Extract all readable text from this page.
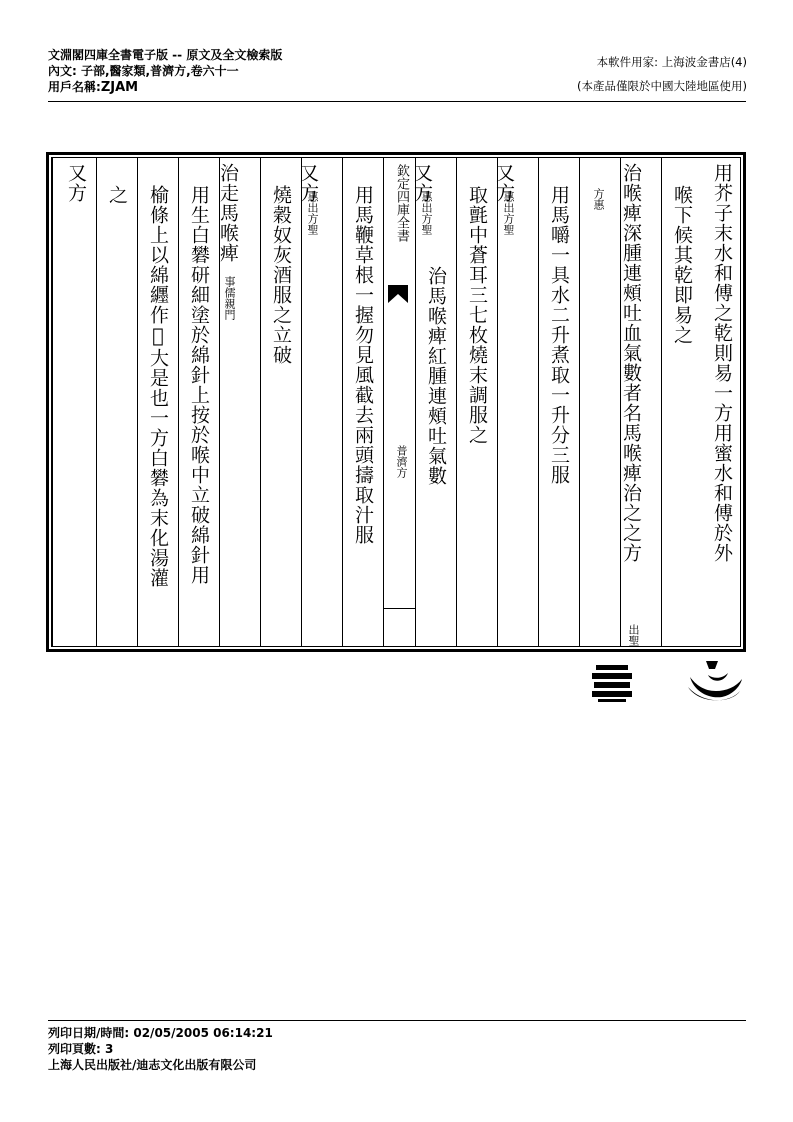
文淵閣四庫全書電子版 -- 原文及全文檢索版
內文: 子部,醫家類,普濟方,卷六十一
用戶名稱:ZJAM
本軟件用家: 上海波金書店(4)
(本產品僅限於中國大陸地區使用)
用芥子末水和傅之乾則易一方用蜜水和傅於外
喉下候其乾即易之
治喉痺深腫連頰吐血氣數者名馬喉痺治之之方
出聖
方惠
用馬嚼一具水二升煮取一升分三服
又方
惠出方聖
取氈中蒼耳三七枚燒末調服之
又方
惠出方聖
治馬喉痺紅腫連頰吐氣數
欽定四庫全書
普濟方
用馬鞭草根一握勿見風截去兩頭擣取汁服
又方
惠出方聖
燒穀奴灰酒服之立破
治走馬喉痺
事儒親門
用生白礬研細塗於綿針上按於喉中立破綿針用
榆條上以綿纒作𣗥大是也一方白礬為末化湯灌
之
又方
列印日期/時間: 02/05/2005 06:14:21
列印頁數: 3
上海人民出版社/迪志文化出版有限公司
